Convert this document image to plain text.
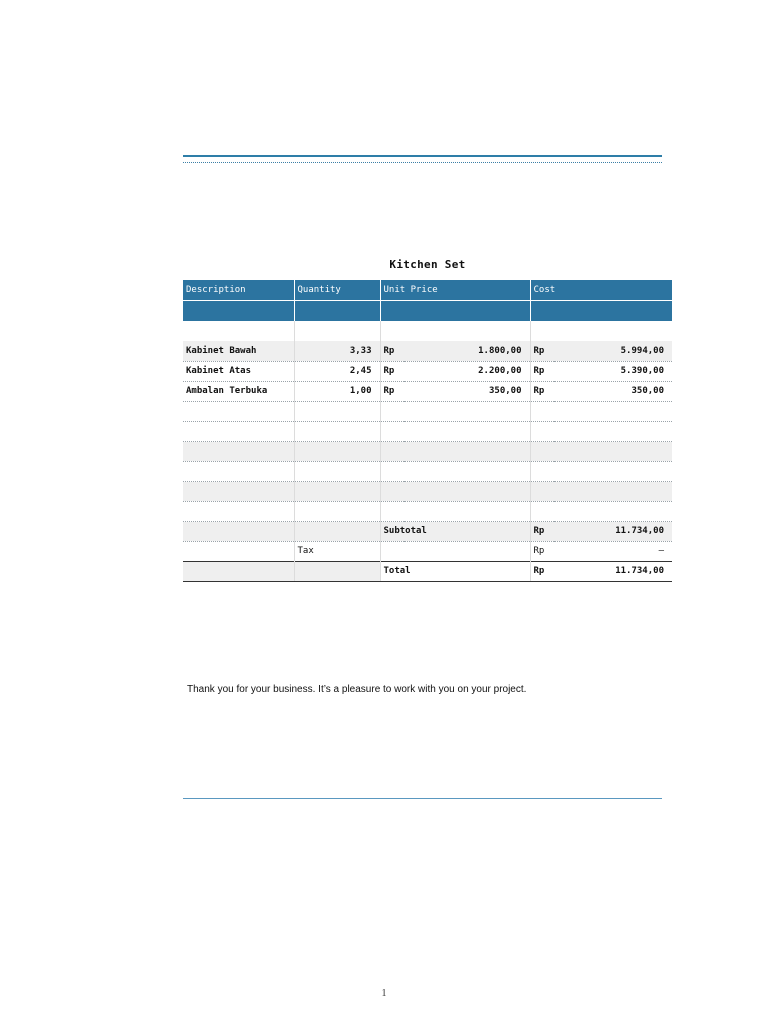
Kitchen Set
Description	Quantity	Unit Price		Cost	

Kabinet Bawah	3,33	Rp	1.800,00	Rp	5.994,00
Kabinet Atas	2,45	Rp	2.200,00	Rp	5.390,00
Ambalan Terbuka	1,00	Rp	350,00	Rp	350,00

		Subtotal		Rp	11.734,00
	Tax			Rp	–
		Total		Rp	11.734,00
Thank you for your business. It’s a pleasure to work with you on your project.
1
